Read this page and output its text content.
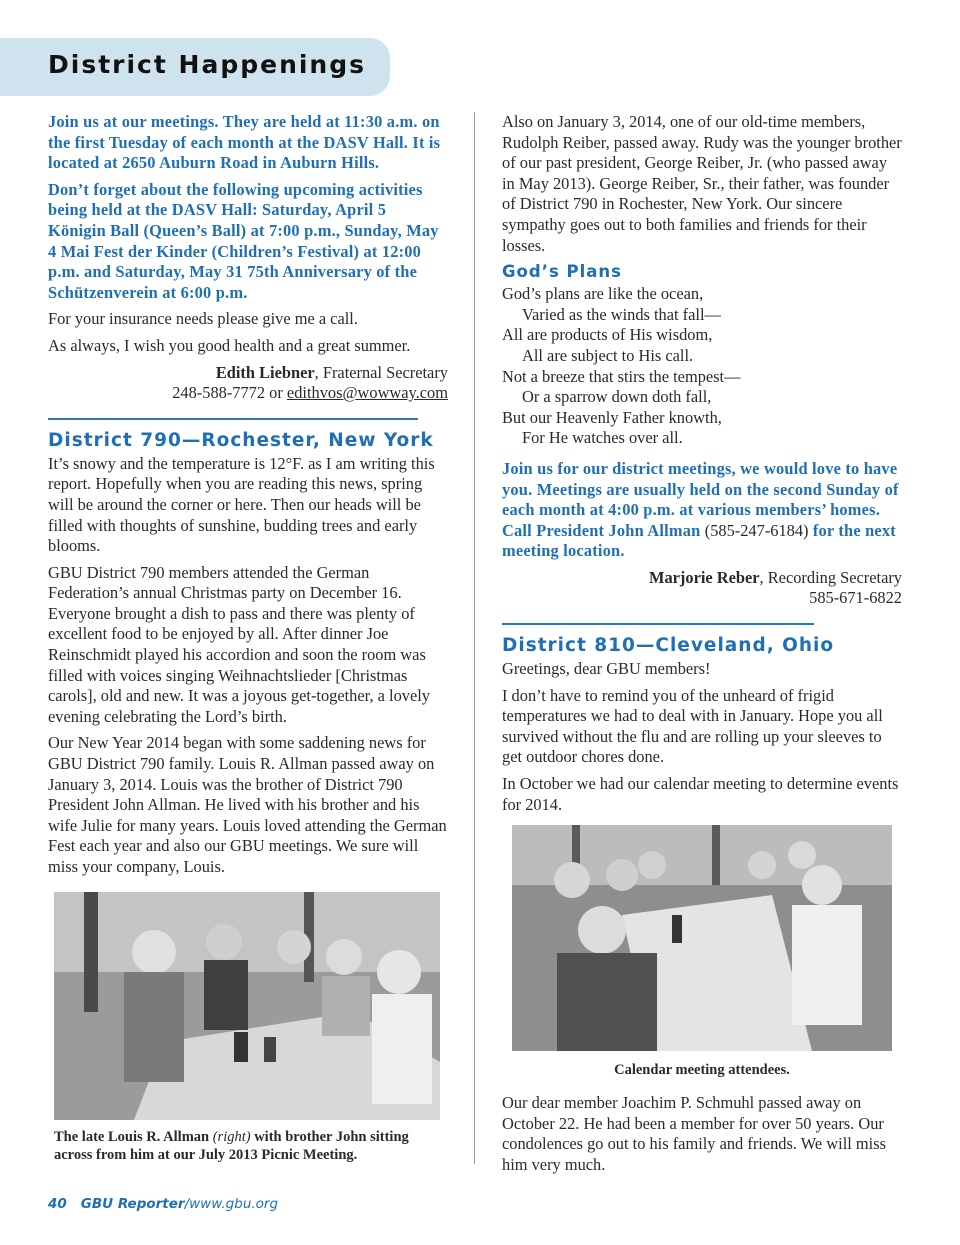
District Happenings

Join us at our meetings. They are held at 11:30 a.m. on the first Tuesday of each month at the DASV Hall. It is located at 2650 Auburn Road in Auburn Hills.

Don’t forget about the following upcoming activities being held at the DASV Hall: Saturday, April 5 Königin Ball (Queen’s Ball) at 7:00 p.m., Sunday, May 4 Mai Fest der Kinder (Children’s Festival) at 12:00 p.m. and Saturday, May 31 75th Anniversary of the Schützenverein at 6:00 p.m.

For your insurance needs please give me a call.

As always, I wish you good health and a great summer.

Edith Liebner, Fraternal Secretary
248-588-7772 or edithvos@wowway.com

District 790—Rochester, New York

It’s snowy and the temperature is 12°F. as I am writing this report. Hopefully when you are reading this news, spring will be around the corner or here. Then our heads will be filled with thoughts of sunshine, budding trees and early blooms.

GBU District 790 members attended the German Federation’s annual Christmas party on December 16. Everyone brought a dish to pass and there was plenty of excellent food to be enjoyed by all. After dinner Joe Reinschmidt played his accordion and soon the room was filled with voices singing Weihnachtslieder [Christmas carols], old and new. It was a joyous get-together, a lovely evening celebrating the Lord’s birth.

Our New Year 2014 began with some saddening news for GBU District 790 family. Louis R. Allman passed away on January 3, 2014. Louis was the brother of District 790 President John Allman. He lived with his brother and his wife Julie for many years. Louis loved attending the German Fest each year and also our GBU meetings. We sure will miss your company, Louis.

The late Louis R. Allman (right) with brother John sitting across from him at our July 2013 Picnic Meeting.

Also on January 3, 2014, one of our old-time members, Rudolph Reiber, passed away. Rudy was the younger brother of our past president, George Reiber, Jr. (who passed away in May 2013). George Reiber, Sr., their father, was founder of District 790 in Rochester, New York. Our sincere sympathy goes out to both families and friends for their losses.

God’s Plans

God’s plans are like the ocean,

Varied as the winds that fall—

All are products of His wisdom,

All are subject to His call.

Not a breeze that stirs the tempest—

Or a sparrow down doth fall,

But our Heavenly Father knowth,

For He watches over all.

Join us for our district meetings, we would love to have you. Meetings are usually held on the second Sunday of each month at 4:00 p.m. at various members’ homes. Call President John Allman (585-247-6184) for the next meeting location.

Marjorie Reber, Recording Secretary
585-671-6822

District 810—Cleveland, Ohio

Greetings, dear GBU members!

I don’t have to remind you of the unheard of frigid temperatures we had to deal with in January. Hope you all survived without the flu and are rolling up your sleeves to get outdoor chores done.

In October we had our calendar meeting to determine events for 2014.

Calendar meeting attendees.

Our dear member Joachim P. Schmuhl passed away on October 22. He had been a member for over 50 years. Our condolences go out to his family and friends. We will miss him very much.

40 GBU Reporter/www.gbu.org
